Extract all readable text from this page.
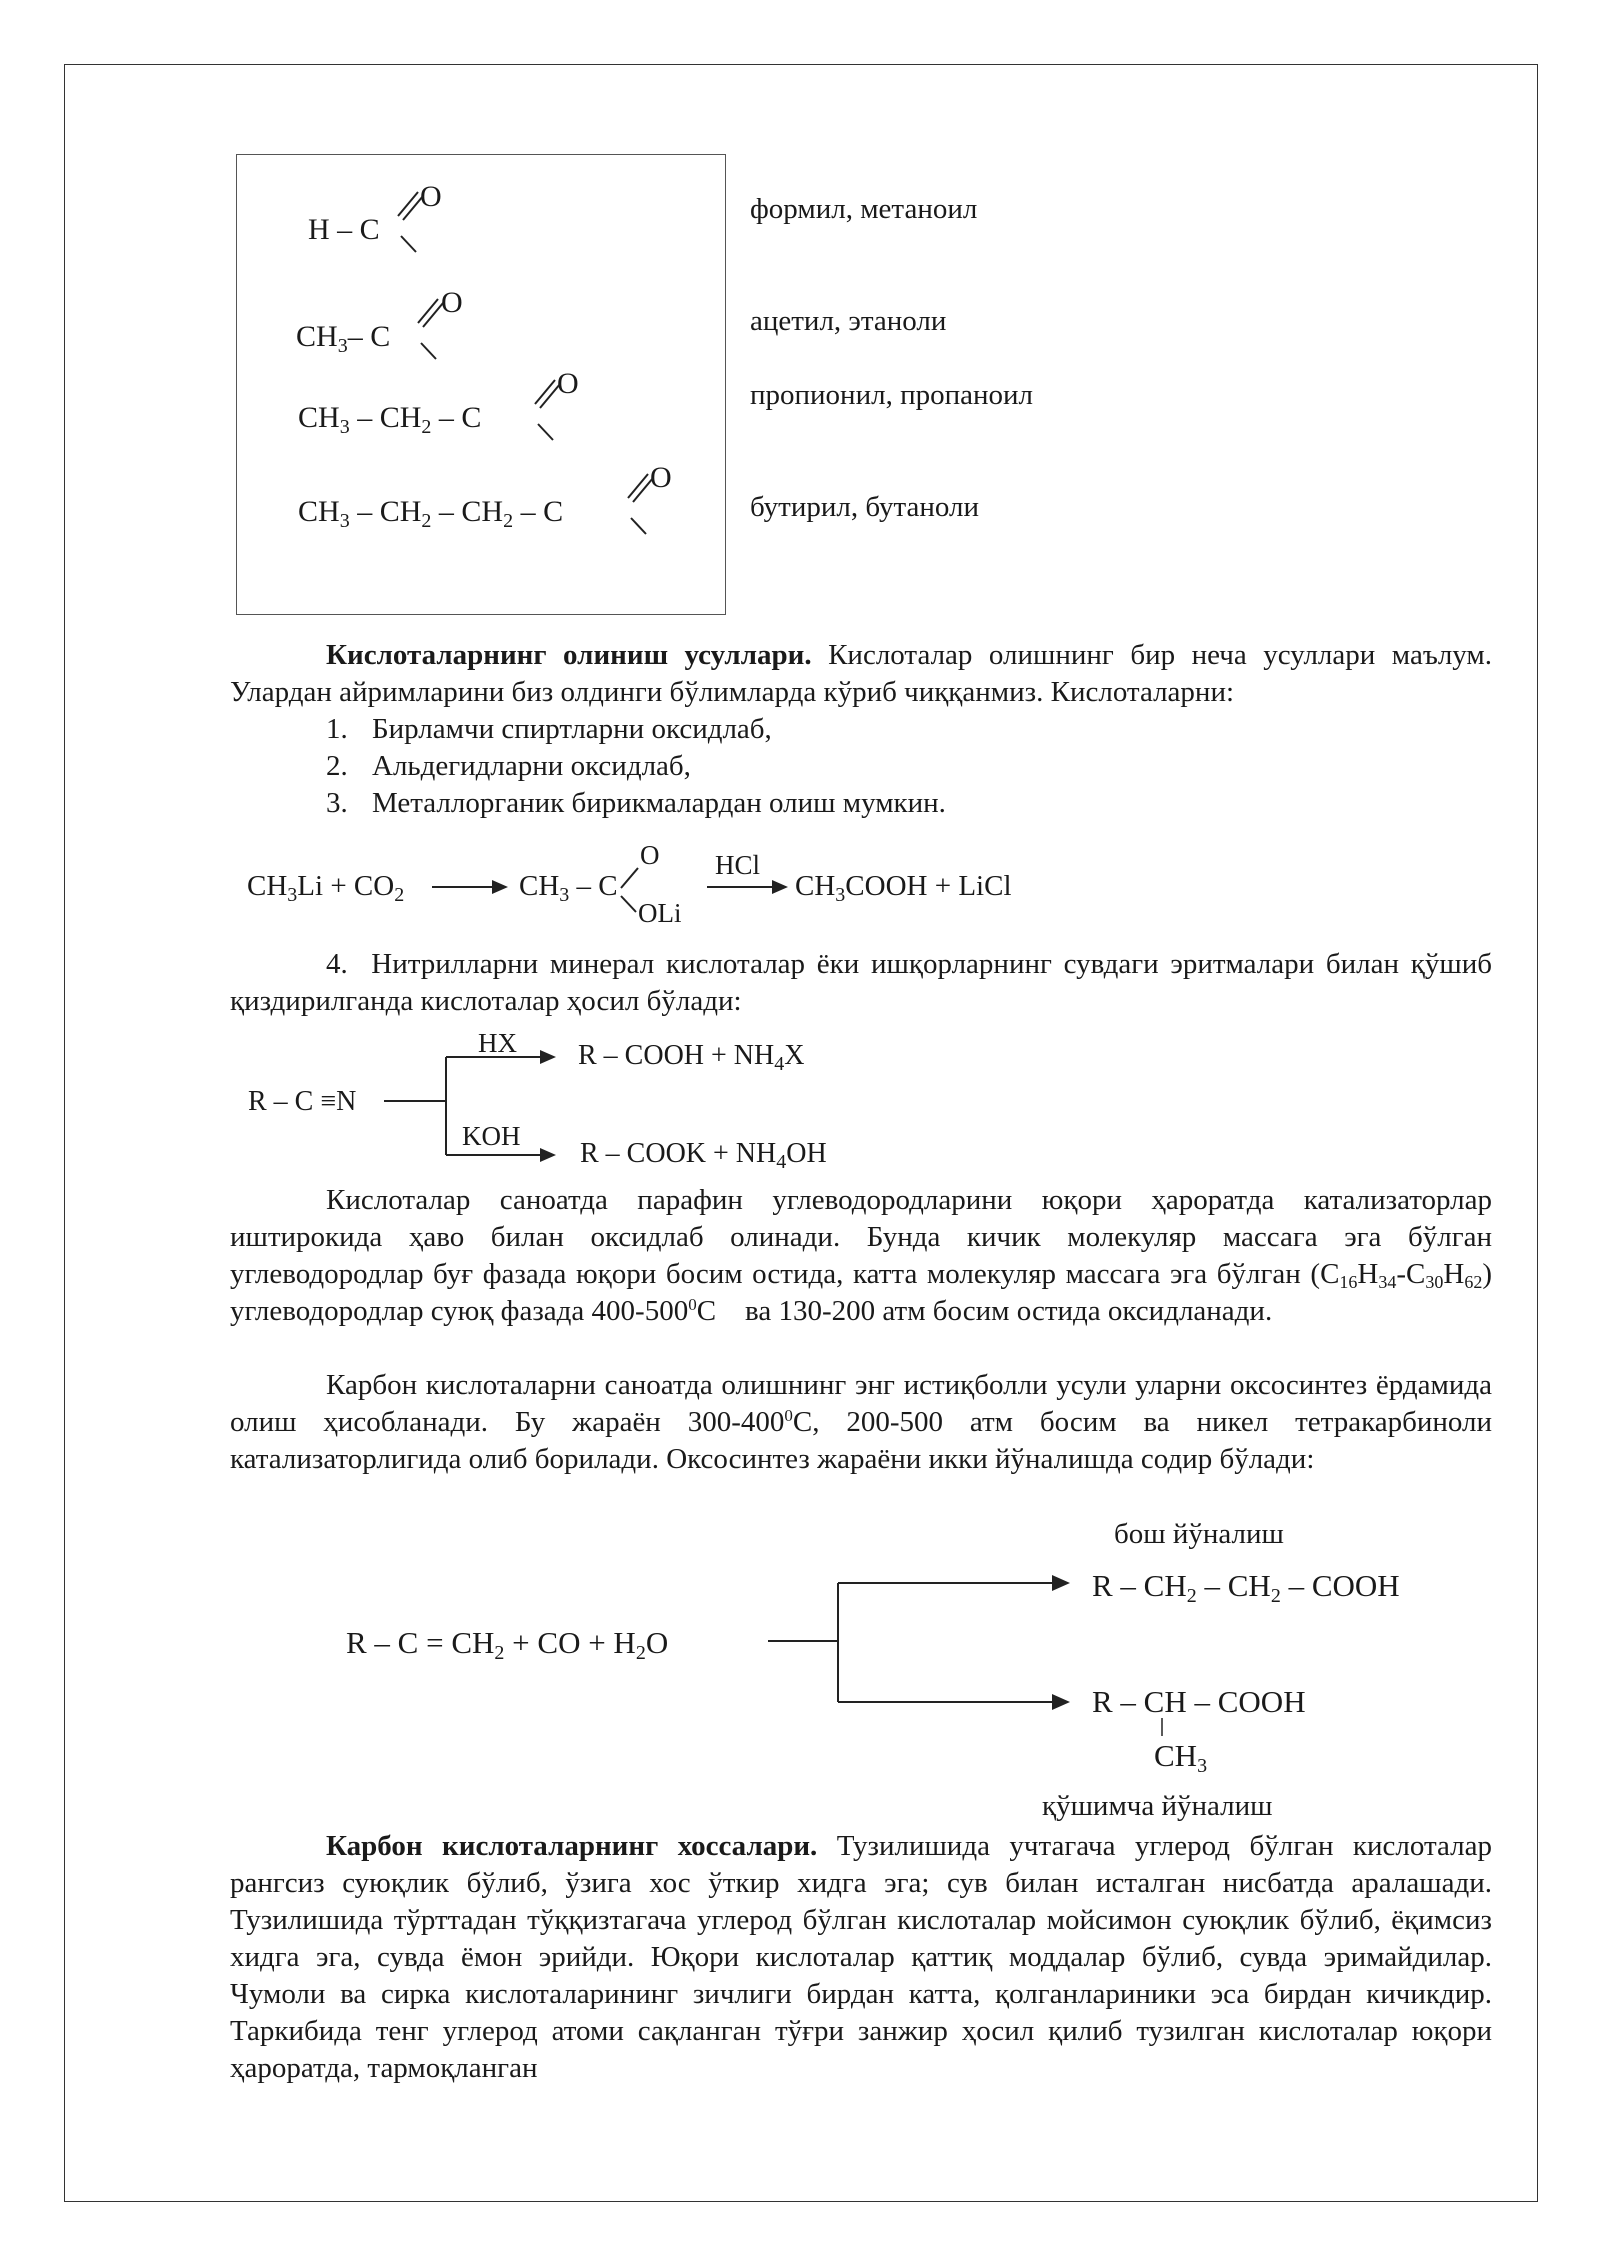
H – C
O
$CH_3-$ C
O
$CH_3 - CH_2$ – C
O
$CH_3 - CH_2 - CH_2$ – C
O
формил, метаноил
ацетил, этаноли
пропионил, пропаноил
бутирил, бутаноли
Кислоталарнинг олиниш усуллари. Кислоталар олишнинг бир неча усуллари маълум. Улардан айримларини биз олдинги бўлимларда кўриб чиққанмиз. Кислоталарни:
1. Бирламчи спиртларни оксидлаб,
2. Альдегидларни оксидлаб,
3. Металлорганик бирикмалардан олиш мумкин.
$CH_3Li + CO_2$	$CH_3$ – C
O
OLi
HCl
$CH_3COOH$ + LiCl
4. Нитрилларни минерал кислоталар ёки ишқорларнинг сувдаги эритмалари билан қўшиб қиздирилганда кислоталар ҳосил бўлади:
R – C ≡N
HX R – COOH + $NH_4X$
KOH
R – COOK + $NH_4OH$
Кислоталар саноатда парафин углеводородларини юқори ҳароратда катализаторлар иштирокида ҳаво билан оксидлаб олинади. Бунда кичик молекуляр массага эга бўлган углеводородлар буғ фазада юқори босим остида, катта молекуляр массага эга бўлган $(C_{16}H_{34}-C_{30}H_{62})$ углеводородлар суюқ фазада $400-500^0C$    ва 130-200 атм босим остида оксидланади.
Карбон кислоталарни саноатда олишнинг энг истиқболли усули уларни оксосинтез ёрдамида олиш ҳисобланади. Бу жараён $300-400^0C$, 200-500 атм босим ва никел тетракарбиноли катализаторлигида олиб борилади. Оксосинтез жараёни икки йўналишда содир бўлади:
бош йўналиш
R – $CH_2 - CH_2$ – COOH
$R - C = CH_2$ + CO + $H_2O$
R – CH – COOH
$CH_3$
қўшимча йўналиш
Карбон кислоталарнинг хоссалари. Тузилишида учтагача углерод бўлган кислоталар рангсиз суюқлик бўлиб, ўзига хос ўткир хидга эга; сув билан исталган нисбатда аралашади. Тузилишида тўрттадан тўққизтагача углерод бўлган кислоталар мойсимон суюқлик бўлиб, ёқимсиз хидга эга, сувда ёмон эрийди. Юқори кислоталар қаттиқ моддалар бўлиб, сувда эримайдилар. Чумоли ва сирка кислоталарининг зичлиги бирдан катта, қолганлариники эса бирдан кичикдир. Таркибида тенг углерод атоми сақланган тўғри занжир ҳосил қилиб тузилган кислоталар юқори ҳароратда, тармоқланган
